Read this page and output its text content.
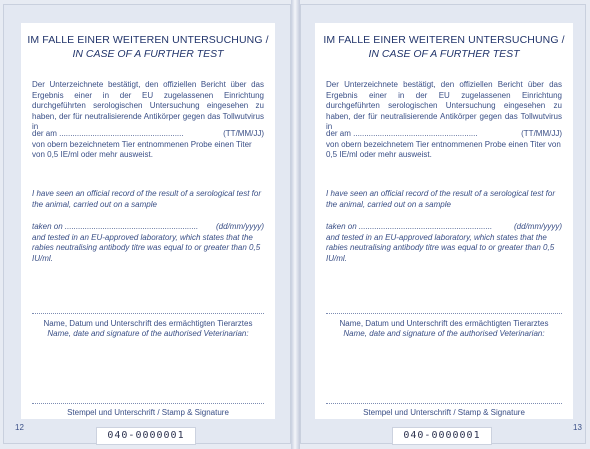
IM FALLE EINER WEITEREN UNTERSUCHUNG /
IN CASE OF A FURTHER TEST
Der Unterzeichnete bestätigt, den offiziellen Bericht über das Ergebnis einer in der EU zugelassenen Einrichtung durchgeführten serologischen Untersuchung eingesehen zu haben, der für neutralisierende Antikörper gegen das Tollwutvirus in
der am ........................................................	(TT/MM/JJ)
von obern bezeichnetem Tier entnommenen Probe einen Titer von 0,5 IE/ml oder mehr ausweist.
I have seen an official record of the result of a serological test for the animal, carried out on a sample
taken on ............................................................ (dd/mm/yyyy)
and tested in an EU-approved laboratory, which states that the rabies neutralising antibody titre was equal to or greater than 0,5 IU/ml.
Name, Datum und Unterschrift des ermächtigten Tierarztes
Name, date and signature of the authorised Veterinarian:
Stempel und Unterschrift / Stamp & Signature
IM FALLE EINER WEITEREN UNTERSUCHUNG /
IN CASE OF A FURTHER TEST
Der Unterzeichnete bestätigt, den offiziellen Bericht über das Ergebnis einer in der EU zugelassenen Einrichtung durchgeführten serologischen Untersuchung eingesehen zu haben, der für neutralisierende Antikörper gegen das Tollwutvirus in
der am ........................................................	(TT/MM/JJ)
von obern bezeichnetem Tier entnommenen Probe einen Titer von 0,5 IE/ml oder mehr ausweist.
I have seen an official record of the result of a serological test for the animal, carried out on a sample
taken on ............................................................	(dd/mm/yyyy)
and tested in an EU-approved laboratory, which states that the rabies neutralising antibody titre was equal to or greater than 0,5 IU/ml.
Name, Datum und Unterschrift des ermächtigten Tierarztes
Name, date and signature of the authorised Veterinarian:
Stempel und Unterschrift / Stamp & Signature
12	13
040-0000001	040-0000001
